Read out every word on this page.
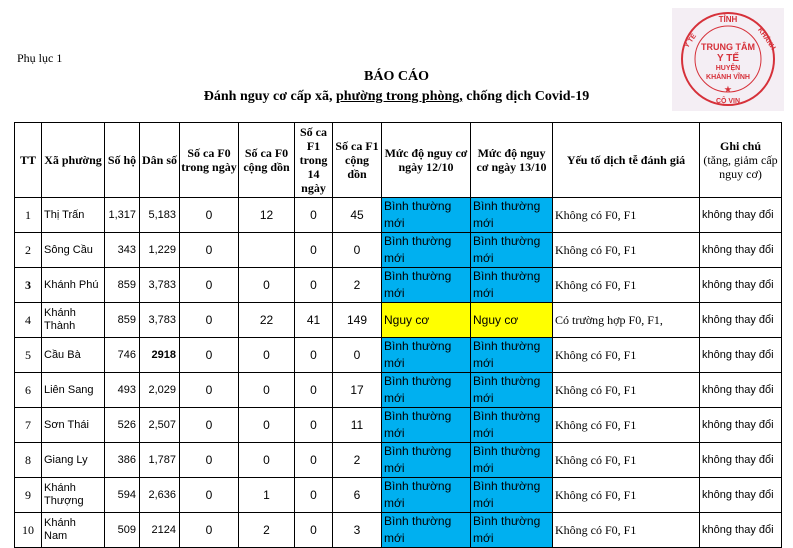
Phụ lục 1
BÁO CÁO
Đánh nguy cơ cấp xã, phường trong phòng, chống dịch Covid-19
TỈNH
Y TẾ	KHÁNH
CỘ VIN
TRUNG TÂM
Y TẾ
HUYỆN
KHÁNH VĨNH
★
TT	Xã phường	Số hộ	Dân số	Số ca F0 trong ngày	Số ca F0 cộng dồn	Số ca F1 trong 14 ngày	Số ca F1 cộng dồn	Mức độ nguy cơ ngày 12/10	Mức độ nguy cơ ngày 13/10	Yếu tố dịch tễ đánh giá	Ghi chú
(tăng, giảm cấp nguy cơ)
1	Thị Trấn	1,317	5,183	0	12	0	45	Bình thường mới	Bình thường mới	Không có F0, F1	không thay đổi
2	Sông Cầu	343	1,229	0		0	0	Bình thường mới	Bình thường mới	Không có F0, F1	không thay đổi
3	Khánh Phú	859	3,783	0	0	0	2	Bình thường mới	Bình thường mới	Không có F0, F1	không thay đổi
4	Khánh Thành	859	3,783	0	22	41	149	Nguy cơ	Nguy cơ	Có trường hợp F0, F1,	không thay đổi
5	Cầu Bà	746	2918	0	0	0	0	Bình thường mới	Bình thường mới	Không có F0, F1	không thay đổi
6	Liên Sang	493	2,029	0	0	0	17	Bình thường mới	Bình thường mới	Không có F0, F1	không thay đổi
7	Sơn Thái	526	2,507	0	0	0	11	Bình thường mới	Bình thường mới	Không có F0, F1	không thay đổi
8	Giang Ly	386	1,787	0	0	0	2	Bình thường mới	Bình thường mới	Không có F0, F1	không thay đổi
9	Khánh Thượng	594	2,636	0	1	0	6	Bình thường mới	Bình thường mới	Không có F0, F1	không thay đổi
10	Khánh Nam	509	2124	0	2	0	3	Bình thường mới	Bình thường mới	Không có F0, F1	không thay đổi
